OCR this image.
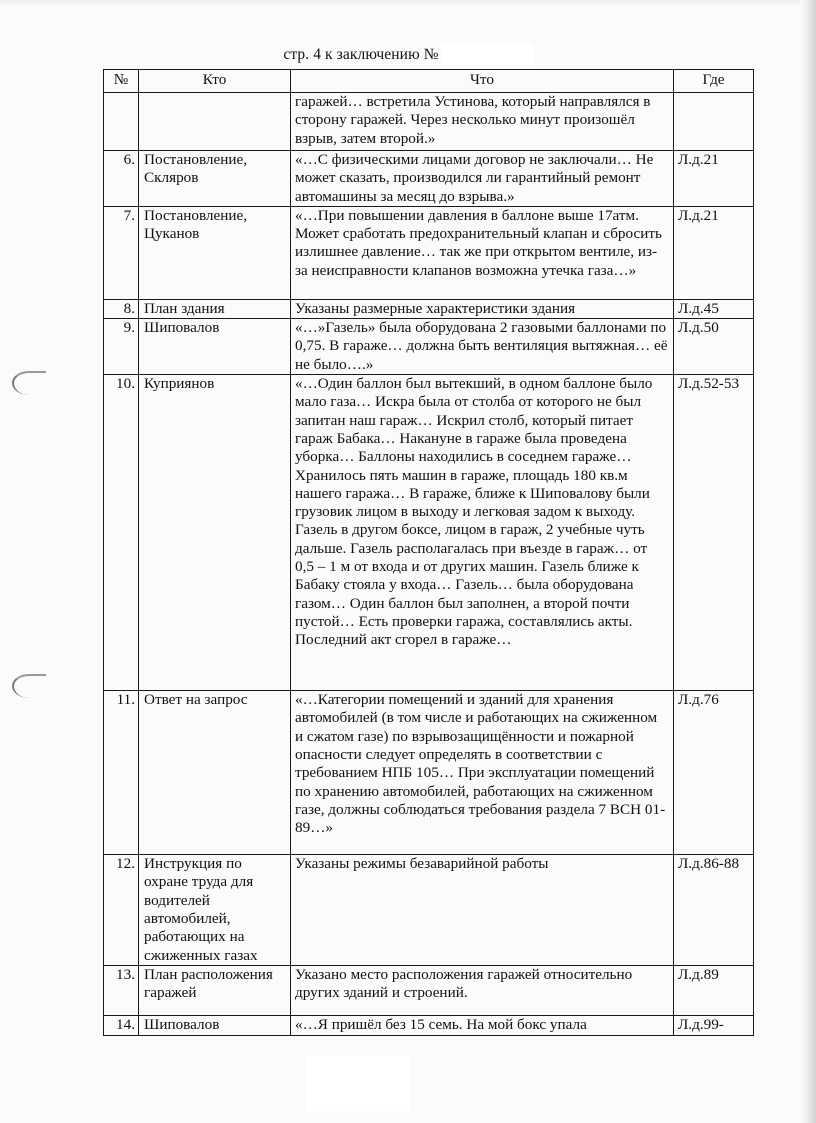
стр. 4 к заключению №
№	Кто	Что	Где
		гаражей… встретила Устинова, который направлялся в сторону гаражей. Через несколько минут произошёл взрыв, затем второй.»	
6.	Постановление, Скляров	«…С физическими лицами договор не заключали… Не может сказать, производился ли гарантийный ремонт автомашины за месяц до взрыва.»	Л.д.21
7.	Постановление, Цуканов	«…При повышении давления в баллоне выше 17атм. Может сработать предохранительный клапан и сбросить излишнее давление… так же при открытом вентиле, из-за неисправности клапанов возможна утечка газа…»	Л.д.21
8.	План здания	Указаны размерные характеристики здания	Л.д.45
9.	Шиповалов	«…»Газель» была оборудована 2 газовыми баллонами по 0,75. В гараже… должна быть вентиляция вытяжная… её не было….»	Л.д.50
10.	Куприянов	«…Один баллон был вытекший, в одном баллоне было мало газа… Искра была от столба от которого не был запитан наш гараж… Искрил столб, который питает гараж Бабака… Накануне в гараже была проведена уборка… Баллоны находились в соседнем гараже… Хранилось пять машин в гараже, площадь 180 кв.м нашего гаража… В гараже, ближе к Шиповалову были грузовик лицом в выходу и легковая задом к выходу. Газель в другом боксе, лицом в гараж, 2 учебные чуть дальше. Газель располагалась при въезде в гараж… от 0,5 – 1 м от входа и от других машин. Газель ближе к Бабаку стояла у входа… Газель… была оборудована газом… Один баллон был заполнен, а второй почти пустой… Есть проверки гаража, составлялись акты. Последний акт сгорел в гараже…	Л.д.52-53
11.	Ответ на запрос	«…Категории помещений и зданий для хранения автомобилей (в том числе и работающих на сжиженном и сжатом газе) по взрывозащищённости и пожарной опасности следует определять в соответствии с требованием НПБ 105… При эксплуатации помещений по хранению автомобилей, работающих на сжиженном газе, должны соблюдаться требования раздела 7 ВСН 01-89…»	Л.д.76
12.	Инструкция по охране труда для водителей автомобилей, работающих на сжиженных газах	Указаны режимы безаварийной работы	Л.д.86-88
13.	План расположения гаражей	Указано место расположения гаражей относительно других зданий и строений.	Л.д.89
14.	Шиповалов	«…Я пришёл без 15 семь. На мой бокс упала	Л.д.99-
